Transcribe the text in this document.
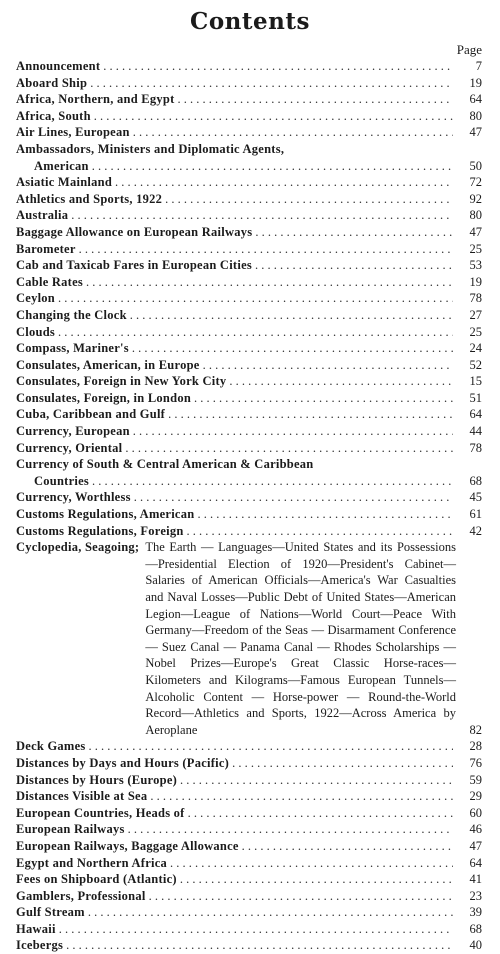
Contents
Page
Announcement . . .	7
Aboard Ship . . .	19
Africa, Northern, and Egypt . . .	64
Africa, South . . .	80
Air Lines, European . . .	47
Ambassadors, Ministers and Diplomatic Agents,
American . . .	50
Asiatic Mainland . . .	72
Athletics and Sports, 1922 . . .	92
Australia . . .	80
Baggage Allowance on European Railways . . .	47
Barometer . . .	25
Cab and Taxicab Fares in European Cities . . .	53
Cable Rates . . .	19
Ceylon . . .	78
Changing the Clock . . .	27
Clouds . . .	25
Compass, Mariner's . . .	24
Consulates, American, in Europe . . .	52
Consulates, Foreign in New York City . . .	15
Consulates, Foreign, in London . . .	51
Cuba, Caribbean and Gulf . . .	64
Currency, European . . .	44
Currency, Oriental . . .	78
Currency of South & Central American & Caribbean
Countries . . .	68
Currency, Worthless . . .	45
Customs Regulations, American . . .	61
Customs Regulations, Foreign . . .	42
Cyclopedia, Seagoing; The Earth — Languages—United States and its Possessions—Presidential Election of 1920—President's Cabinet—Salaries of American Officials—America's War Casualties and Naval Losses—Public Debt of United States—American Legion—League of Nations—World Court—Peace With Germany—Freedom of the Seas — Disarmament Conference — Suez Canal — Panama Canal — Rhodes Scholarships — Nobel Prizes—Europe's Great Classic Horse-races—Kilometers and Kilograms—Famous European Tunnels—Alcoholic Content — Horse-power — Round-the-World Record—Athletics and Sports, 1922—Across America by Aeroplane	82
Deck Games . . .	28
Distances by Days and Hours (Pacific) . . .	76
Distances by Hours (Europe) . . .	59
Distances Visible at Sea . . .	29
European Countries, Heads of . . .	60
European Railways . . .	46
European Railways, Baggage Allowance . . .	47
Egypt and Northern Africa . . .	64
Fees on Shipboard (Atlantic) . . .	41
Gamblers, Professional . . .	23
Gulf Stream . . .	39
Hawaii . . .	68
Icebergs . . .	40
